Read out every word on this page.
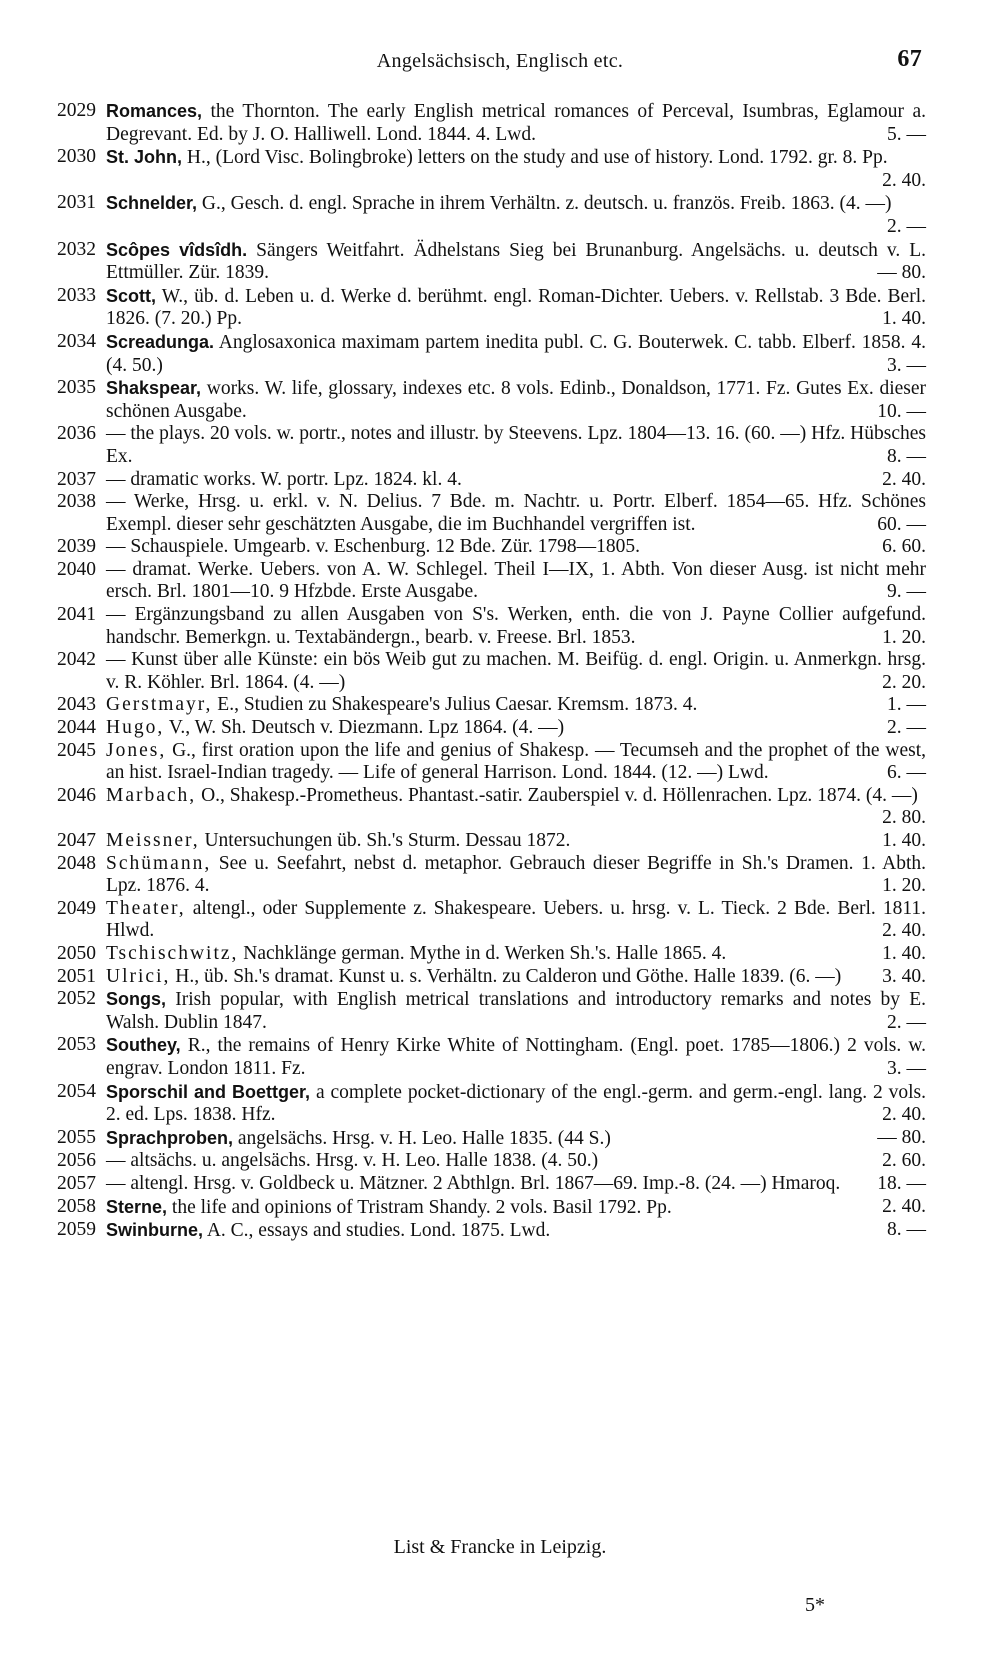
Angelsächsisch, Englisch etc.	67
2029 Romances, the Thornton. The early English metrical romances of Perceval, Isumbras, Eglamour a. Degrevant. Ed. by J. O. Halliwell. Lond. 1844. 4. Lwd.	5. —
2030 St. John, H., (Lord Visc. Bolingbroke) letters on the study and use of history. Lond. 1792. gr. 8. Pp.
2. 40.
2031 Schnelder, G., Gesch. d. engl. Sprache in ihrem Verhältn. z. deutsch. u. französ. Freib. 1863. (4. —)
2. —
2032 Scôpes vîdsîdh. Sängers Weitfahrt. Ädhelstans Sieg bei Brunanburg. Angelsächs. u. deutsch v. L. Ettmüller. Zür. 1839.	— 80.
2033 Scott, W., üb. d. Leben u. d. Werke d. berühmt. engl. Roman-Dichter. Uebers. v. Rellstab. 3 Bde. Berl. 1826. (7. 20.) Pp.	1. 40.
2034 Screadunga. Anglosaxonica maximam partem inedita publ. C. G. Bouterwek. C. tabb. Elberf. 1858. 4. (4. 50.)	3. —
2035 Shakspear, works. W. life, glossary, indexes etc. 8 vols. Edinb., Donaldson, 1771. Fz. Gutes Ex. dieser schönen Ausgabe.	10. —
2036 — the plays. 20 vols. w. portr., notes and illustr. by Steevens. Lpz. 1804—13. 16. (60. —) Hfz. Hübsches Ex.	8. —
2037 — dramatic works. W. portr. Lpz. 1824. kl. 4.	2. 40.
2038 — Werke, Hrsg. u. erkl. v. N. Delius. 7 Bde. m. Nachtr. u. Portr. Elberf. 1854—65. Hfz. Schönes Exempl. dieser sehr geschätzten Ausgabe, die im Buchhandel vergriffen ist.	60. —
2039 — Schauspiele. Umgearb. v. Eschenburg. 12 Bde. Zür. 1798—1805.	6. 60.
2040 — dramat. Werke. Uebers. von A. W. Schlegel. Theil I—IX, 1. Abth. Von dieser Ausg. ist nicht mehr ersch. Brl. 1801—10. 9 Hfzbde. Erste Ausgabe.	9. —
2041 — Ergänzungsband zu allen Ausgaben von S's. Werken, enth. die von J. Payne Collier aufgefund. handschr. Bemerkgn. u. Textabändergn., bearb. v. Freese. Brl. 1853.	1. 20.
2042 — Kunst über alle Künste: ein bös Weib gut zu machen. M. Beifüg. d. engl. Origin. u. Anmerkgn. hrsg. v. R. Köhler. Brl. 1864. (4. —)	2. 20.
2043 Gerstmayr, E., Studien zu Shakespeare's Julius Caesar. Kremsm. 1873. 4.	1. —
2044 Hugo, V., W. Sh. Deutsch v. Diezmann. Lpz 1864. (4. —)	2. —
2045 Jones, G., first oration upon the life and genius of Shakesp. — Tecumseh and the prophet of the west, an hist. Israel-Indian tragedy. — Life of general Harrison. Lond. 1844. (12. —) Lwd.	6. —
2046 Marbach, O., Shakesp.-Prometheus. Phantast.-satir. Zauberspiel v. d. Höllenrachen. Lpz. 1874. (4. —)
2. 80.
2047 Meissner, Untersuchungen üb. Sh.'s Sturm. Dessau 1872.	1. 40.
2048 Schümann, See u. Seefahrt, nebst d. metaphor. Gebrauch dieser Begriffe in Sh.'s Dramen. 1. Abth. Lpz. 1876. 4.	1. 20.
2049 Theater, altengl., oder Supplemente z. Shakespeare. Uebers. u. hrsg. v. L. Tieck. 2 Bde. Berl. 1811. Hlwd.	2. 40.
2050 Tschischwitz, Nachklänge german. Mythe in d. Werken Sh.'s. Halle 1865. 4.	1. 40.
2051 Ulrici, H., üb. Sh.'s dramat. Kunst u. s. Verhältn. zu Calderon und Göthe. Halle 1839. (6. —)	3. 40.
2052 Songs, Irish popular, with English metrical translations and introductory remarks and notes by E. Walsh. Dublin 1847.	2. —
2053 Southey, R., the remains of Henry Kirke White of Nottingham. (Engl. poet. 1785—1806.) 2 vols. w. engrav. London 1811. Fz.	3. —
2054 Sporschil and Boettger, a complete pocket-dictionary of the engl.-germ. and germ.-engl. lang. 2 vols. 2. ed. Lps. 1838. Hfz.	2. 40.
2055 Sprachproben, angelsächs. Hrsg. v. H. Leo. Halle 1835. (44 S.)	— 80.
2056 — altsächs. u. angelsächs. Hrsg. v. H. Leo. Halle 1838. (4. 50.)	2. 60.
2057 — altengl. Hrsg. v. Goldbeck u. Mätzner. 2 Abthlgn. Brl. 1867—69. Imp.-8. (24. —) Hmaroq.	18. —
2058 Sterne, the life and opinions of Tristram Shandy. 2 vols. Basil 1792. Pp.	2. 40.
2059 Swinburne, A. C., essays and studies. Lond. 1875. Lwd.	8. —
List & Francke in Leipzig.
5*
